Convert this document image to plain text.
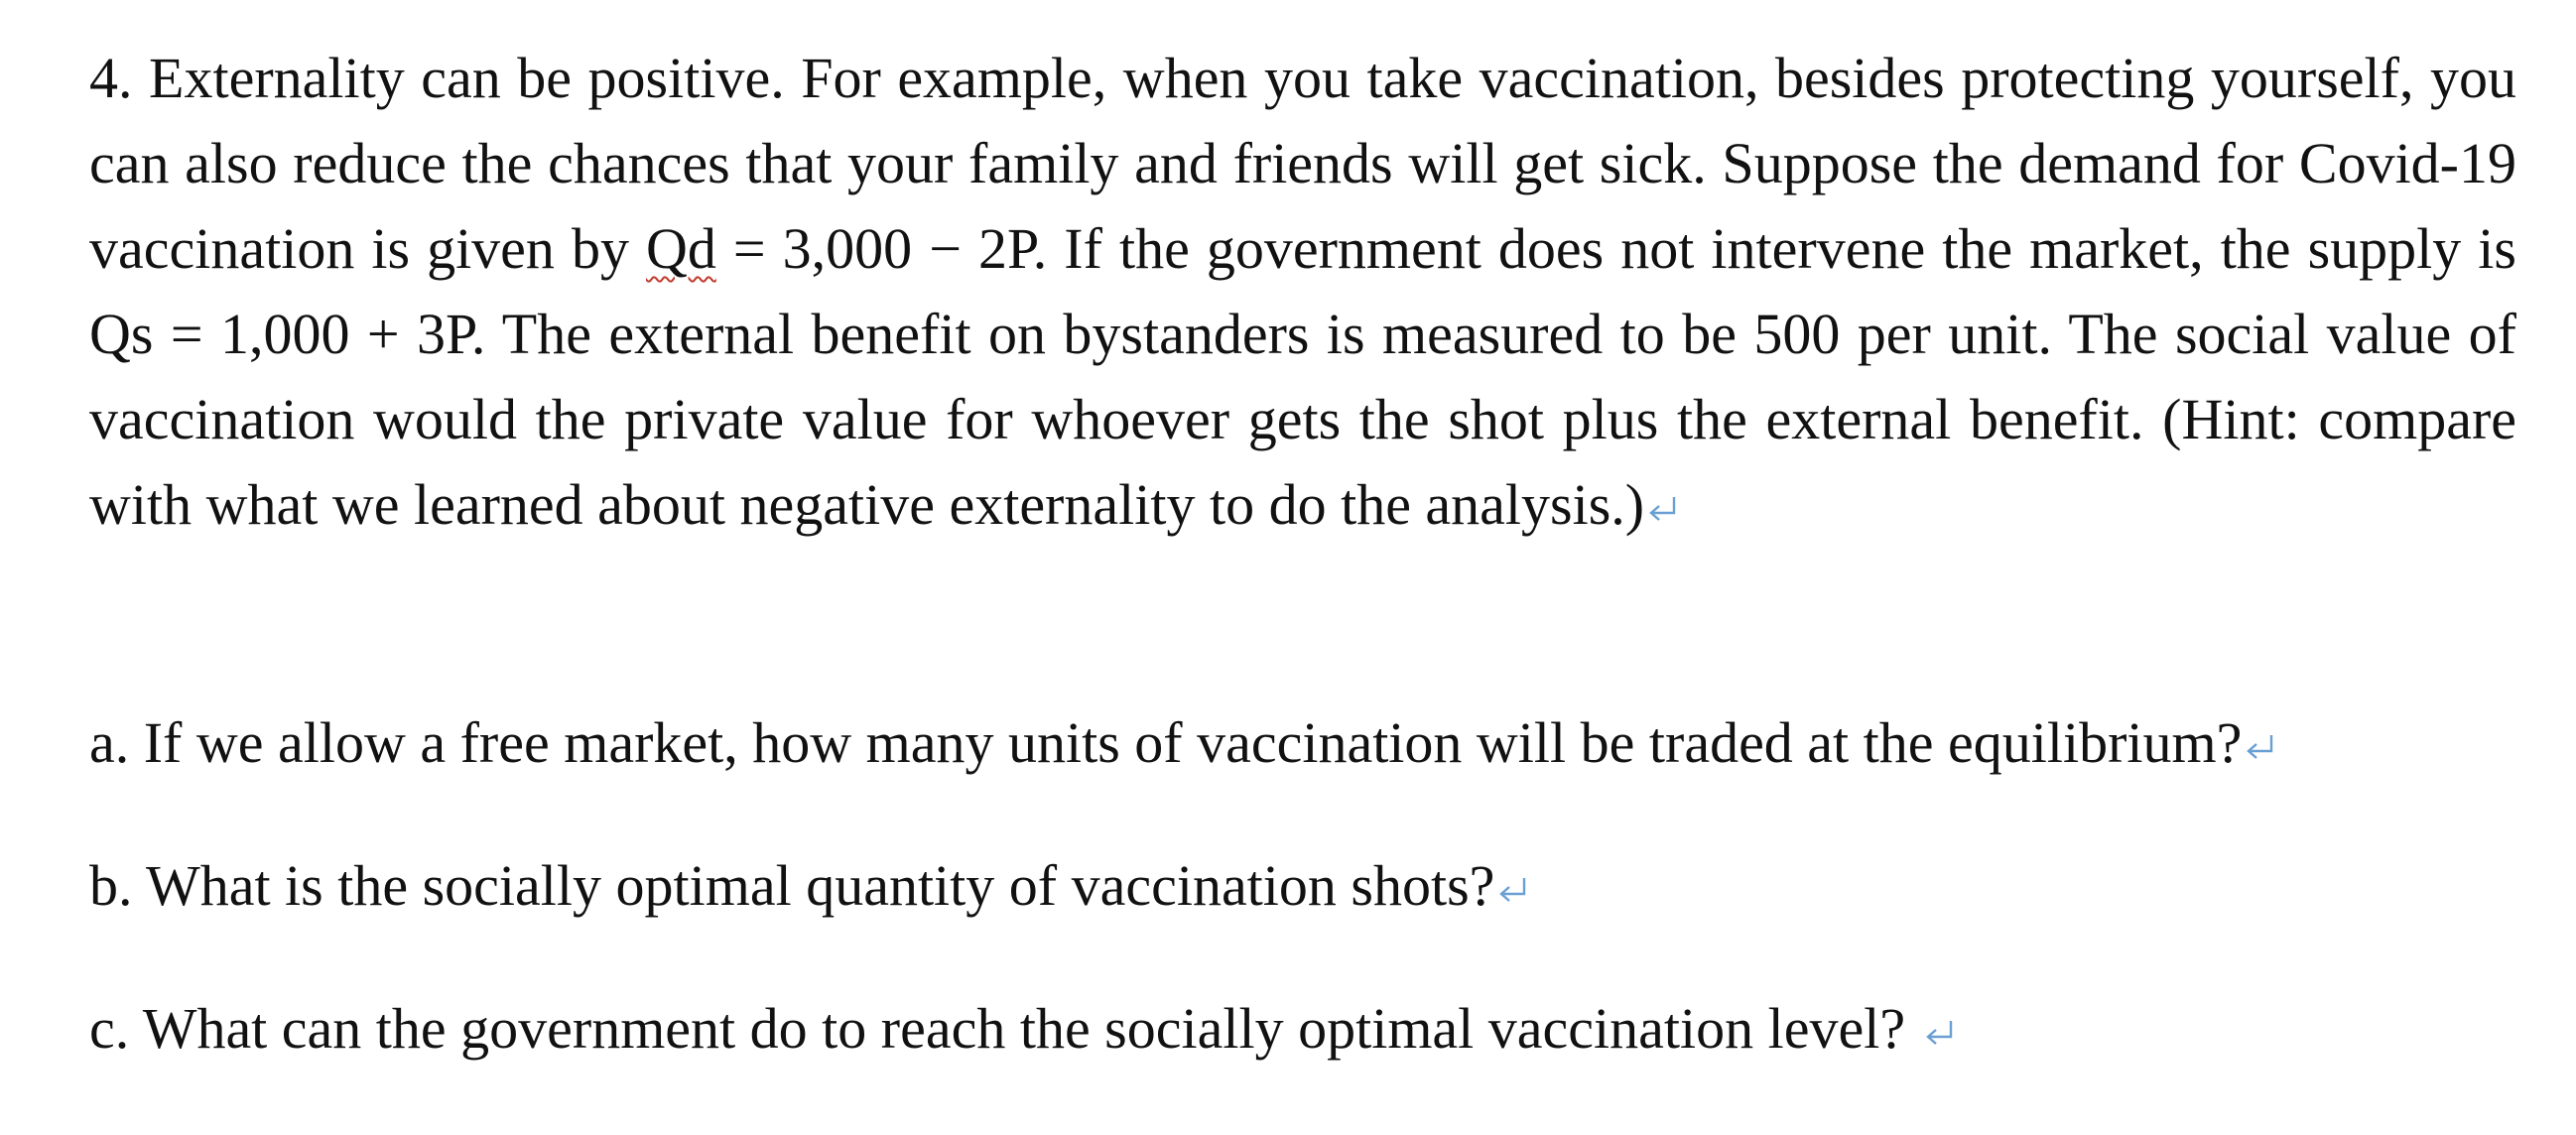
4. Externality can be positive. For example, when you take vaccination, besides protecting yourself, you can also reduce the chances that your family and friends will get sick. Suppose the demand for Covid-19 vaccination is given by Qd = 3,000 − 2P. If the government does not intervene the market, the supply is Qs = 1,000 + 3P. The external benefit on bystanders is measured to be 500 per unit. The social value of vaccination would the private value for whoever gets the shot plus the external benefit. (Hint: compare with what we learned about negative externality to do the analysis.)

a. If we allow a free market, how many units of vaccination will be traded at the equilibrium?

b. What is the socially optimal quantity of vaccination shots?

c. What can the government do to reach the socially optimal vaccination level?
